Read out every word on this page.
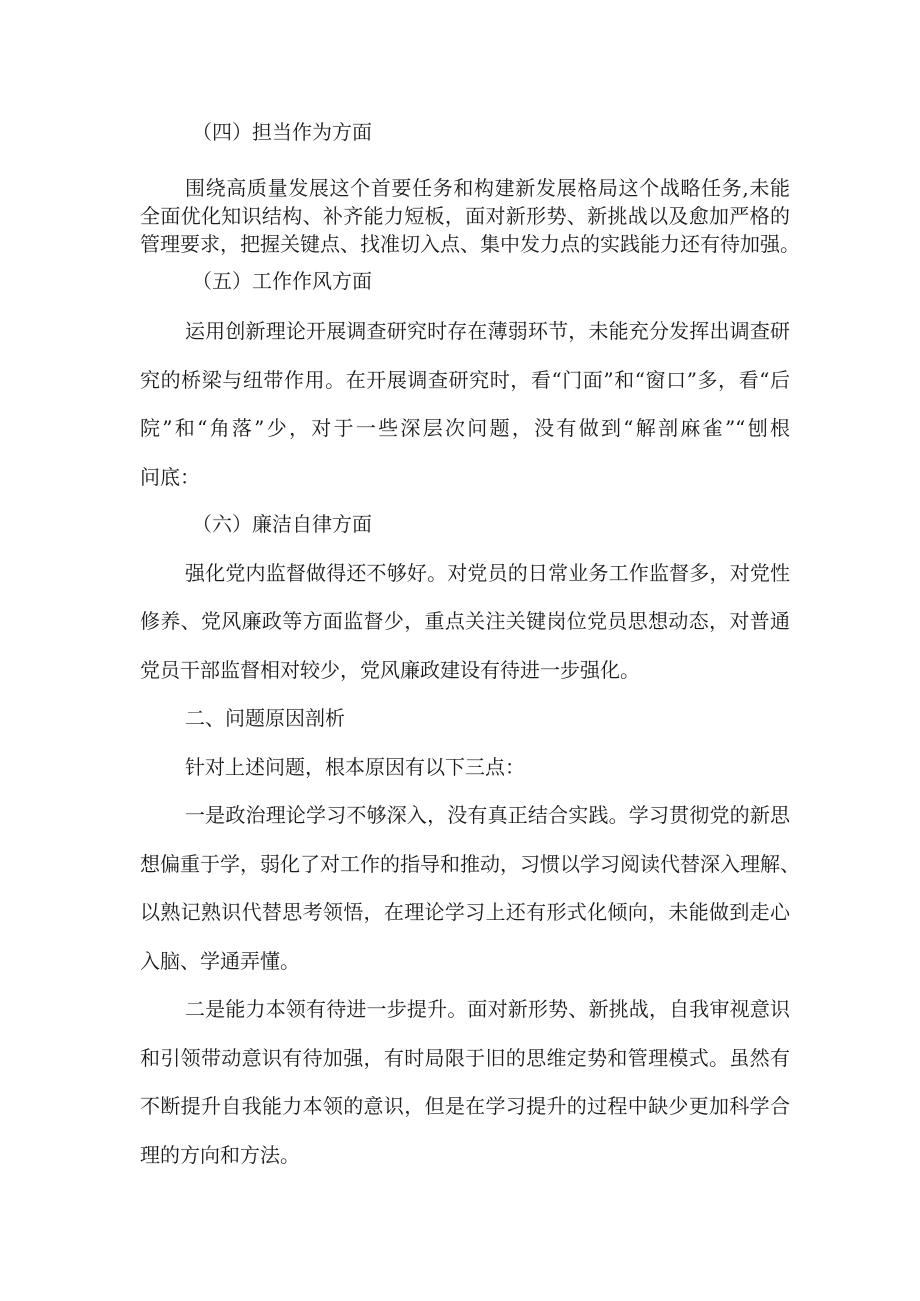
（四）担当作为方面
围绕高质量发展这个首要任务和构建新发展格局这个战略任务,未能
全面优化知识结构、补齐能力短板，面对新形势、新挑战以及愈加严格的
管理要求，把握关键点、找准切入点、集中发力点的实践能力还有待加强。
（五）工作作风方面
运用创新理论开展调查研究时存在薄弱环节，未能充分发挥出调查研
究的桥梁与纽带作用。在开展调查研究时，看“门面”和“窗口”多，看“后
院”和“角落”少，对于一些深层次问题，没有做到“解剖麻雀”“刨根
问底：
（六）廉洁自律方面
强化党内监督做得还不够好。对党员的日常业务工作监督多，对党性
修养、党风廉政等方面监督少，重点关注关键岗位党员思想动态，对普通
党员干部监督相对较少，党风廉政建设有待进一步强化。
二、问题原因剖析
针对上述问题，根本原因有以下三点：
一是政治理论学习不够深入，没有真正结合实践。学习贯彻党的新思
想偏重于学，弱化了对工作的指导和推动，习惯以学习阅读代替深入理解、
以熟记熟识代替思考领悟，在理论学习上还有形式化倾向，未能做到走心
入脑、学通弄懂。
二是能力本领有待进一步提升。面对新形势、新挑战，自我审视意识
和引领带动意识有待加强，有时局限于旧的思维定势和管理模式。虽然有
不断提升自我能力本领的意识，但是在学习提升的过程中缺少更加科学合
理的方向和方法。
